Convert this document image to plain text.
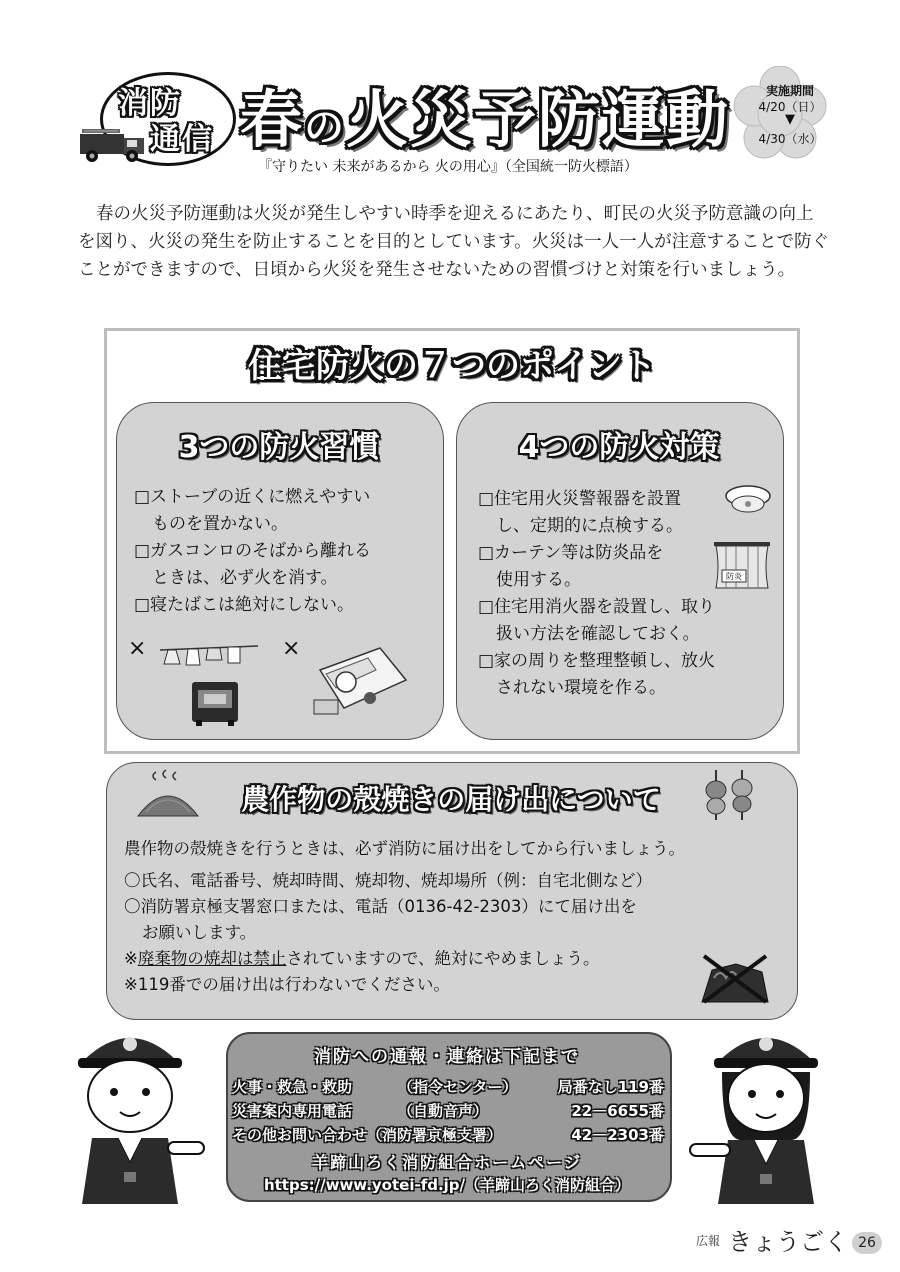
消防
通信 春の火災予防運動	実施期間
4/20（日）
▼
4/30（水）
『守りたい 未来があるから 火の用心』（全国統一防火標語）
春の火災予防運動は火災が発生しやすい時季を迎えるにあたり、町民の火災予防意識の向上を図り、火災の発生を防止することを目的としています。火災は一人一人が注意することで防ぐことができますので、日頃から火災を発生させないための習慣づけと対策を行いましょう。
住宅防火の７つのポイント
3つの防火習慣	4つの防火対策
□ストーブの近くに燃えやすい
ものを置かない。
□ガスコンロのそばから離れる
ときは、必ず火を消す。
□寝たばこは絶対にしない。
×	×
□住宅用火災警報器を設置
し、定期的に点検する。
□カーテン等は防炎品を
使用する。
□住宅用消火器を設置し、取り
扱い方法を確認しておく。
□家の周りを整理整頓し、放火
されない環境を作る。
防炎
農作物の殻焼きの届け出について
農作物の殻焼きを行うときは、必ず消防に届け出をしてから行いましょう。
〇氏名、電話番号、焼却時間、焼却物、焼却場所（例：自宅北側など）
〇消防署京極支署窓口または、電話（0136-42-2303）にて届け出を
お願いします。
※廃棄物の焼却は禁止されていますので、絶対にやめましょう。
※119番での届け出は行わないでください。
消防への通報・連絡は下記まで
火事・救急・救助	（指令センター）	局番なし119番
災害案内専用電話	（自動音声）	22－6655番
その他お問い合わせ（消防署京極支署）	42－2303番
羊蹄山ろく消防組合ホームページ
https://www.yotei-fd.jp/（羊蹄山ろく消防組合）
広報 きょうごく 26
